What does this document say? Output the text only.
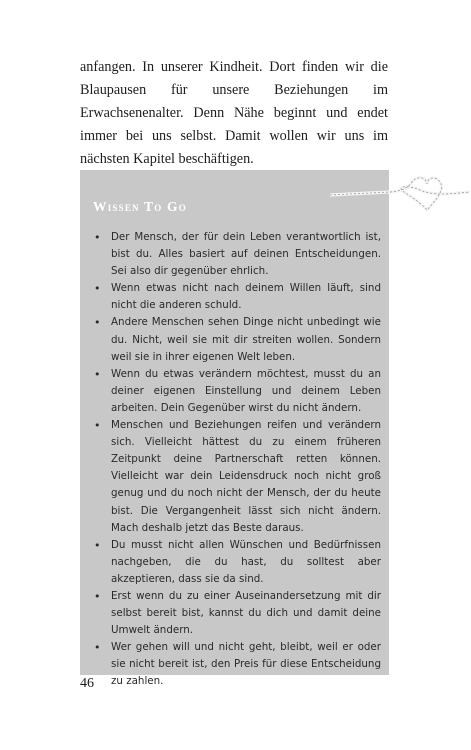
anfangen. In unserer Kindheit. Dort finden wir die Blaupausen für unsere Beziehungen im Erwachsenenalter. Denn Nähe beginnt und endet immer bei uns selbst. Damit wollen wir uns im nächsten Kapitel beschäftigen.

Wissen To Go
• Der Mensch, der für dein Leben verantwortlich ist, bist du. Alles basiert auf deinen Entscheidungen. Sei also dir gegenüber ehrlich.
• Wenn etwas nicht nach deinem Willen läuft, sind nicht die anderen schuld.
• Andere Menschen sehen Dinge nicht unbedingt wie du. Nicht, weil sie mit dir streiten wollen. Sondern weil sie in ihrer eigenen Welt leben.
• Wenn du etwas verändern möchtest, musst du an deiner eigenen Einstellung und deinem Leben arbeiten. Dein Gegenüber wirst du nicht ändern.
• Menschen und Beziehungen reifen und verändern sich. Vielleicht hättest du zu einem früheren Zeitpunkt deine Partnerschaft retten können. Vielleicht war dein Leidensdruck noch nicht groß genug und du noch nicht der Mensch, der du heute bist. Die Vergangenheit lässt sich nicht ändern. Mach deshalb jetzt das Beste daraus.
• Du musst nicht allen Wünschen und Bedürfnissen nachgeben, die du hast, du solltest aber akzeptieren, dass sie da sind.
• Erst wenn du zu einer Auseinandersetzung mit dir selbst bereit bist, kannst du dich und damit deine Umwelt ändern.
• Wer gehen will und nicht geht, bleibt, weil er oder sie nicht bereit ist, den Preis für diese Entscheidung zu zahlen.
46
